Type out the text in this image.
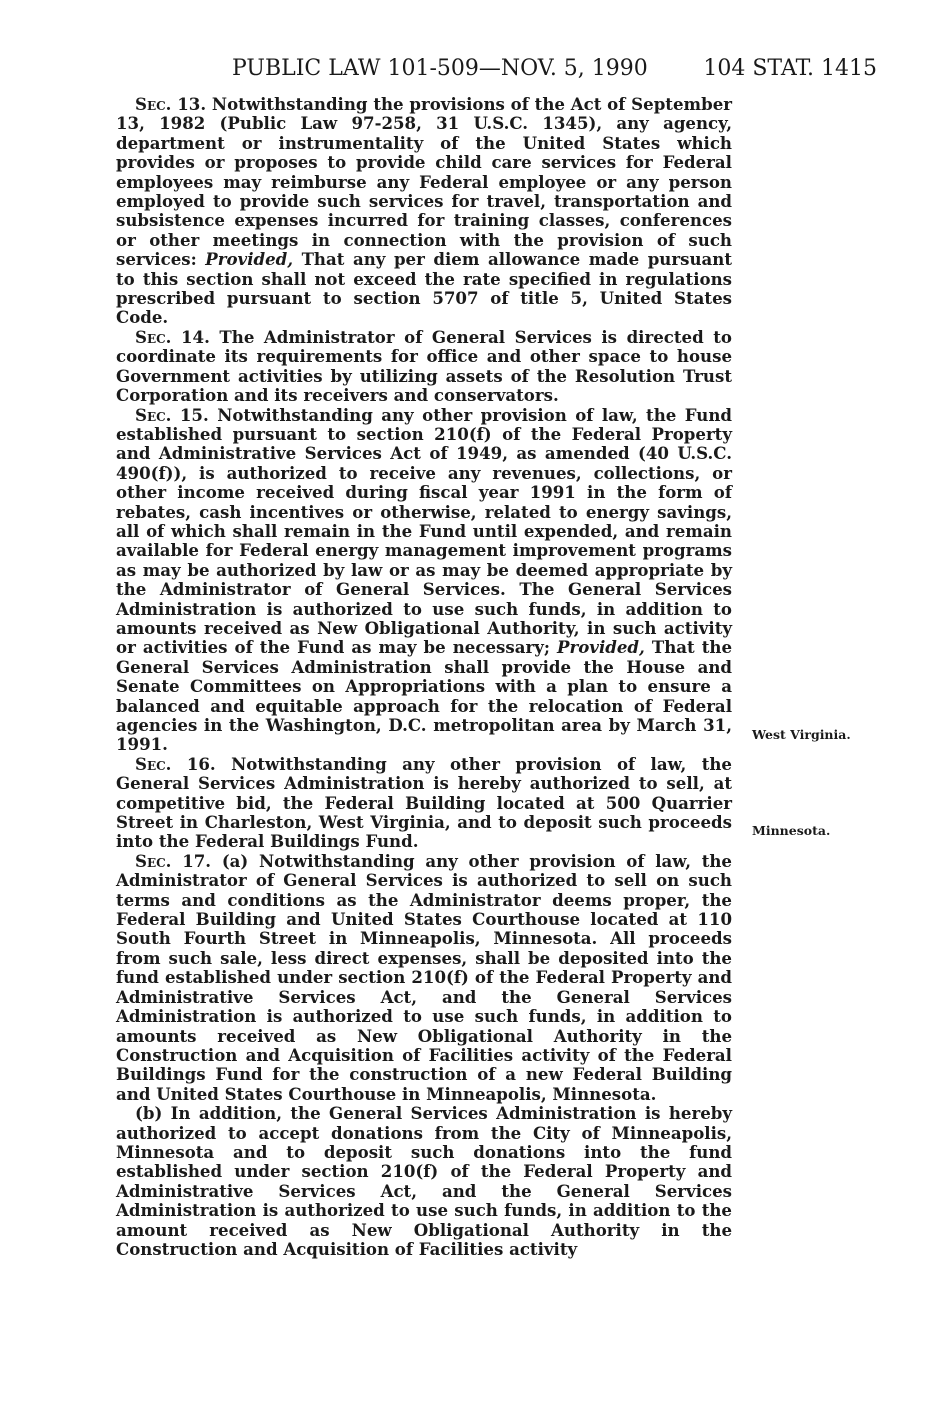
PUBLIC LAW 101-509—NOV. 5, 1990	104 STAT. 1415

Sec. 13. Notwithstanding the provisions of the Act of September 13, 1982 (Public Law 97-258, 31 U.S.C. 1345), any agency, department or instrumentality of the United States which provides or proposes to provide child care services for Federal employees may reimburse any Federal employee or any person employed to provide such services for travel, transportation and subsistence expenses incurred for training classes, conferences or other meetings in connection with the provision of such services: Provided, That any per diem allowance made pursuant to this section shall not exceed the rate specified in regulations prescribed pursuant to section 5707 of title 5, United States Code.

Sec. 14. The Administrator of General Services is directed to coordinate its requirements for office and other space to house Government activities by utilizing assets of the Resolution Trust Corporation and its receivers and conservators.

Sec. 15. Notwithstanding any other provision of law, the Fund established pursuant to section 210(f) of the Federal Property and Administrative Services Act of 1949, as amended (40 U.S.C. 490(f)), is authorized to receive any revenues, collections, or other income received during fiscal year 1991 in the form of rebates, cash incentives or otherwise, related to energy savings, all of which shall remain in the Fund until expended, and remain available for Federal energy management improvement programs as may be authorized by law or as may be deemed appropriate by the Administrator of General Services. The General Services Administration is authorized to use such funds, in addition to amounts received as New Obligational Authority, in such activity or activities of the Fund as may be necessary; Provided, That the General Services Administration shall provide the House and Senate Committees on Appropriations with a plan to ensure a balanced and equitable approach for the relocation of Federal agencies in the Washington, D.C. metropolitan area by March 31, 1991.

Sec. 16. Notwithstanding any other provision of law, the General Services Administration is hereby authorized to sell, at competitive bid, the Federal Building located at 500 Quarrier Street in Charleston, West Virginia, and to deposit such proceeds into the Federal Buildings Fund.

Sec. 17. (a) Notwithstanding any other provision of law, the Administrator of General Services is authorized to sell on such terms and conditions as the Administrator deems proper, the Federal Building and United States Courthouse located at 110 South Fourth Street in Minneapolis, Minnesota. All proceeds from such sale, less direct expenses, shall be deposited into the fund established under section 210(f) of the Federal Property and Administrative Services Act, and the General Services Administration is authorized to use such funds, in addition to amounts received as New Obligational Authority in the Construction and Acquisition of Facilities activity of the Federal Buildings Fund for the construction of a new Federal Building and United States Courthouse in Minneapolis, Minnesota.

(b) In addition, the General Services Administration is hereby authorized to accept donations from the City of Minneapolis, Minnesota and to deposit such donations into the fund established under section 210(f) of the Federal Property and Administrative Services Act, and the General Services Administration is authorized to use such funds, in addition to the amount received as New Obligational Authority in the Construction and Acquisition of Facilities activity

West Virginia.
Minnesota.
